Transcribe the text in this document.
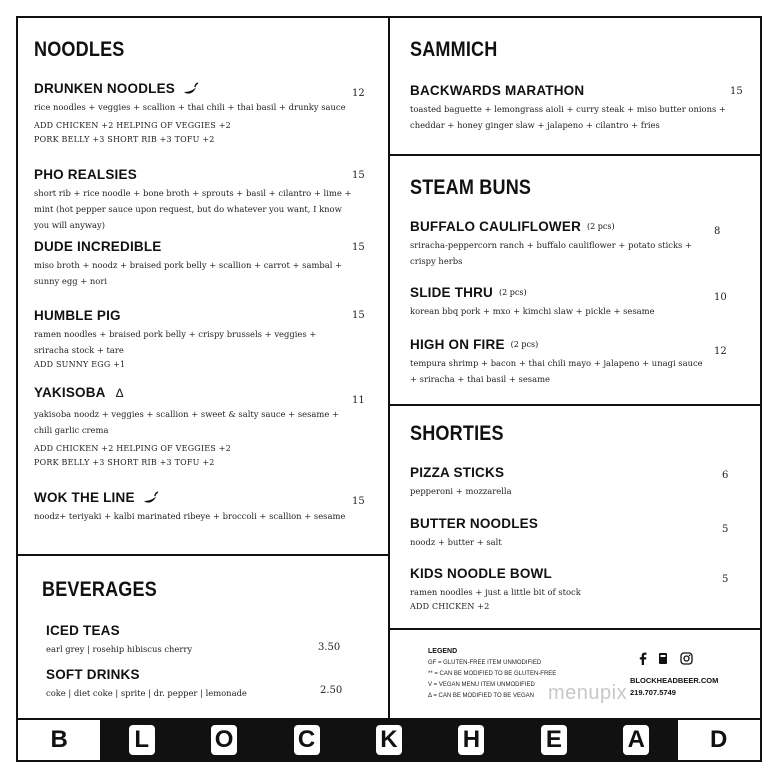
NOODLES
DRUNKEN NOODLES
rice noodles + veggies + scallion + thai chili + thai basil + drunky sauce
ADD CHICKEN +2 HELPING OF VEGGIES +2
PORK BELLY +3 SHORT RIB +3 TOFU +2
12
PHO REALSIES
short rib + rice noodle + bone broth + sprouts + basil + cilantro + lime + mint (hot pepper sauce upon request, but do whatever you want, I know you will anyway)
15
DUDE INCREDIBLE
miso broth + noodz + braised pork belly + scallion + carrot + sambal + sunny egg + nori
15
HUMBLE PIG
ramen noodles + braised pork belly + crispy brussels + veggies + sriracha stock + tare
ADD SUNNY EGG +1
15
YAKISOBA Δ
yakisoba noodz + veggies + scallion + sweet & salty sauce + sesame + chili garlic crema
ADD CHICKEN +2 HELPING OF VEGGIES +2
PORK BELLY +3 SHORT RIB +3 TOFU +2
11
WOK THE LINE
noodz+ teriyaki + kalbi marinated ribeye + broccoli + scallion + sesame
15
SAMMICH
BACKWARDS MARATHON
toasted baguette + lemongrass aioli + curry steak + miso butter onions + cheddar + honey ginger slaw + jalapeno + cilantro + fries
15
STEAM BUNS
BUFFALO CAULIFLOWER (2 pcs)
sriracha-peppercorn ranch + buffalo cauliflower + potato sticks + crispy herbs
8
SLIDE THRU (2 pcs)
korean bbq pork + mxo + kimchi slaw + pickle + sesame
10
HIGH ON FIRE (2 pcs)
tempura shrimp + bacon + thai chili mayo + jalapeno + unagi sauce + sriracha + thai basil + sesame
12
SHORTIES
PIZZA STICKS
pepperoni + mozzarella
6
BUTTER NOODLES
noodz + butter + salt
5
KIDS NOODLE BOWL
ramen noodles + just a little bit of stock
ADD CHICKEN +2
5
BEVERAGES
ICED TEAS
earl grey | rosehip hibiscus cherry	3.50
SOFT DRINKS
coke | diet coke | sprite | dr. pepper | lemonade	2.50
LEGEND
GF = GLUTEN-FREE ITEM UNMODIFIED
** = CAN BE MODIFIED TO BE GLUTEN-FREE
V = VEGAN MENU ITEM UNMODIFIED
Δ = CAN BE MODIFIED TO BE VEGAN menupix
BLOCKHEADBEER.COM
219.707.5749
B	L	O	C	K	H	E	A	D
